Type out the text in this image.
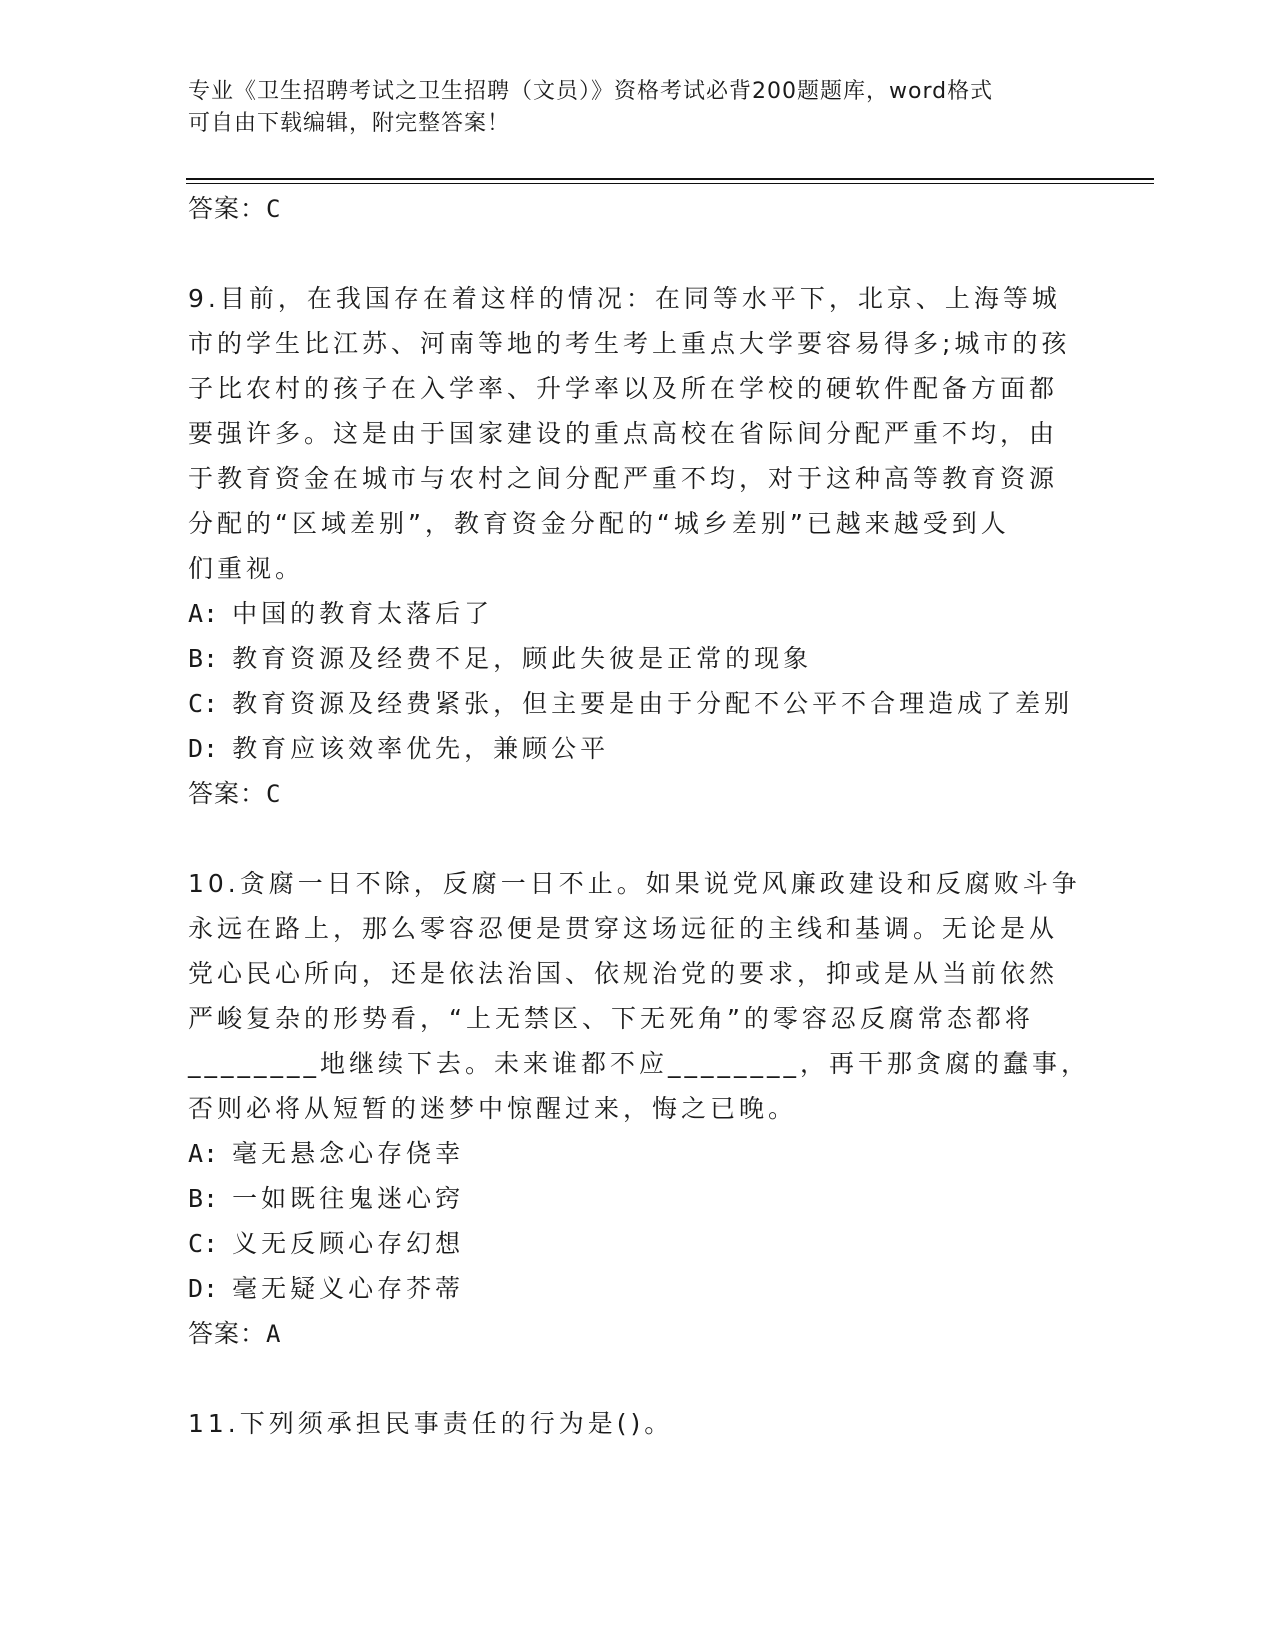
专业《卫生招聘考试之卫生招聘（文员）》资格考试必背200题题库，word格式
可自由下载编辑，附完整答案！

答案：C

9.目前，在我国存在着这样的情况：在同等水平下，北京、上海等城
市的学生比江苏、河南等地的考生考上重点大学要容易得多;城市的孩
子比农村的孩子在入学率、升学率以及所在学校的硬软件配备方面都
要强许多。这是由于国家建设的重点高校在省际间分配严重不均，由
于教育资金在城市与农村之间分配严重不均，对于这种高等教育资源
分配的“区域差别”，教育资金分配的“城乡差别”已越来越受到人
们重视。

A: 中国的教育太落后了

B: 教育资源及经费不足，顾此失彼是正常的现象

C: 教育资源及经费紧张，但主要是由于分配不公平不合理造成了差别

D: 教育应该效率优先，兼顾公平

答案：C

10.贪腐一日不除，反腐一日不止。如果说党风廉政建设和反腐败斗争
永远在路上，那么零容忍便是贯穿这场远征的主线和基调。无论是从
党心民心所向，还是依法治国、依规治党的要求，抑或是从当前依然
严峻复杂的形势看，“上无禁区、下无死角”的零容忍反腐常态都将
________地继续下去。未来谁都不应________，再干那贪腐的蠢事，
否则必将从短暂的迷梦中惊醒过来，悔之已晚。

A: 毫无悬念心存侥幸

B: 一如既往鬼迷心窍

C: 义无反顾心存幻想

D: 毫无疑义心存芥蒂

答案：A

11.下列须承担民事责任的行为是()。
